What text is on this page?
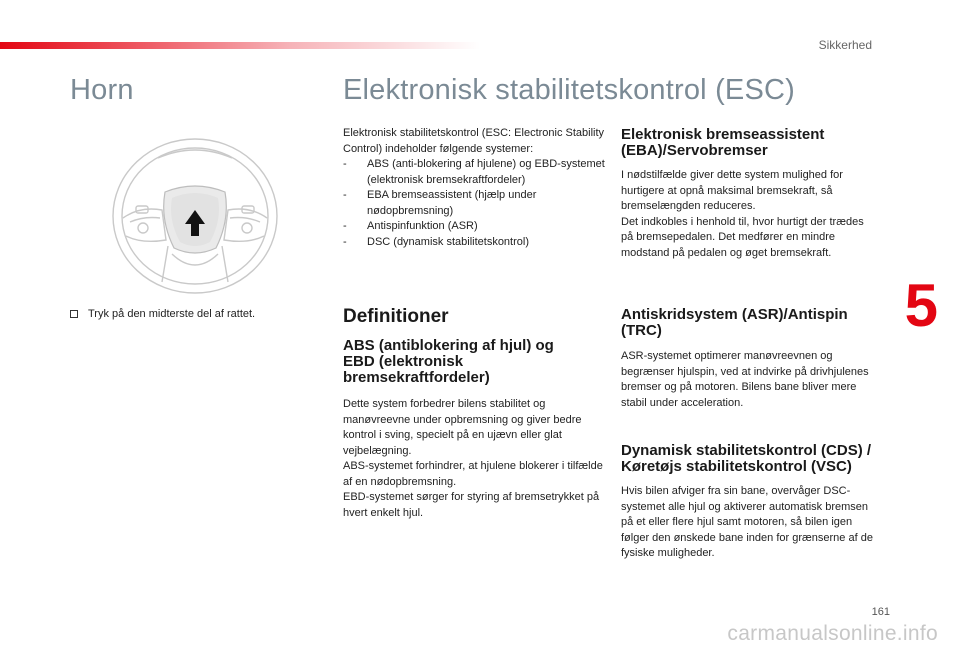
Sikkerhed
Horn
Tryk på den midterste del af rattet.
Elektronisk stabilitetskontrol (ESC)

Elektronisk stabilitetskontrol (ESC: Electronic Stability Control) indeholder følgende systemer:

- ABS (anti-blokering af hjulene) og EBD-systemet (elektronisk bremsekraftfordeler)
- EBA bremseassistent (hjælp under nødopbremsning)
- Antispinfunktion (ASR)
- DSC (dynamisk stabilitetskontrol)
Definitioner
ABS (antiblokering af hjul) og EBD (elektronisk bremsekraftfordeler)

Dette system forbedrer bilens stabilitet og manøvreevne under opbremsning og giver bedre kontrol i sving, specielt på en ujævn eller glat vejbelægning.

ABS-systemet forhindrer, at hjulene blokerer i tilfælde af en nødopbremsning.

EBD-systemet sørger for styring af bremsetrykket på hvert enkelt hjul.

Elektronisk bremseassistent (EBA)/Servobremser

I nødstilfælde giver dette system mulighed for hurtigere at opnå maksimal bremsekraft, så bremselængden reduceres.

Det indkobles i henhold til, hvor hurtigt der trædes på bremsepedalen. Det medfører en mindre modstand på pedalen og øget bremsekraft.

Antiskridsystem (ASR)/Antispin (TRC)

ASR-systemet optimerer manøvreevnen og begrænser hjulspin, ved at indvirke på drivhjulenes bremser og på motoren. Bilens bane bliver mere stabil under acceleration.

Dynamisk stabilitetskontrol (CDS) / Køretøjs stabilitetskontrol (VSC)

Hvis bilen afviger fra sin bane, overvåger DSC-systemet alle hjul og aktiverer automatisk bremsen på et eller flere hjul samt motoren, så bilen igen følger den ønskede bane inden for grænserne af de fysiske muligheder.

5
161
carmanualsonline.info
